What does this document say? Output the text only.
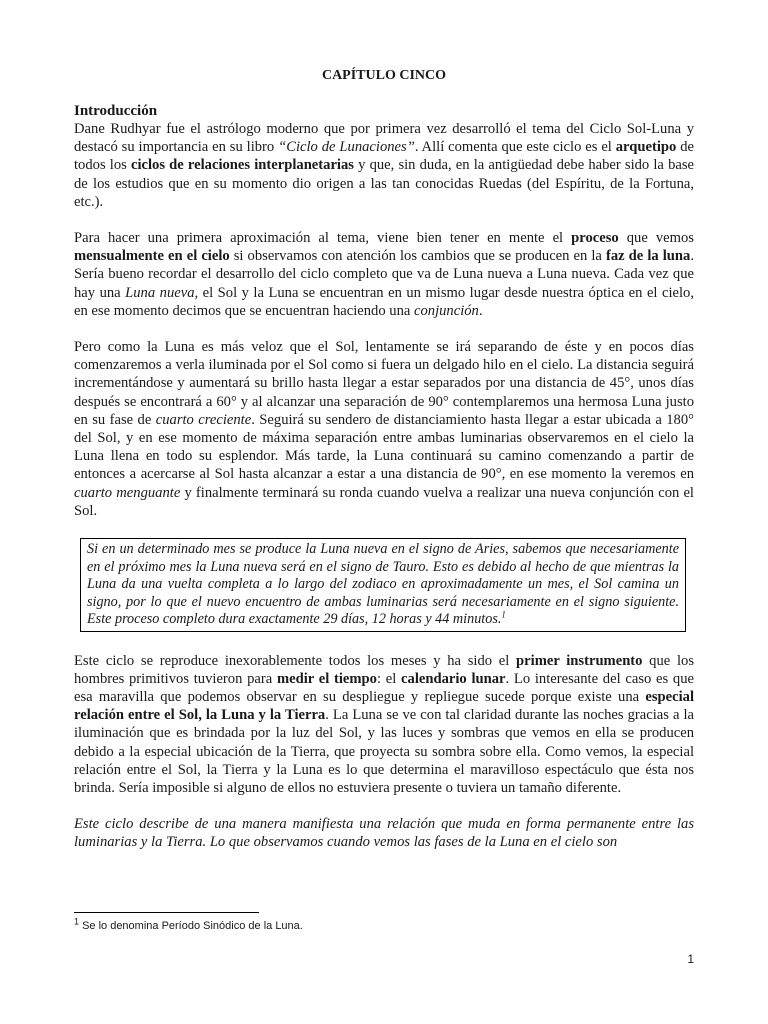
CAPÍTULO CINCO
Introducción

Dane Rudhyar fue el astrólogo moderno que por primera vez desarrolló el tema del Ciclo Sol-Luna y destacó su importancia en su libro “Ciclo de Lunaciones”. Allí comenta que este ciclo es el arquetipo de todos los ciclos de relaciones interplanetarias y que, sin duda, en la antigüedad debe haber sido la base de los estudios que en su momento dio origen a las tan conocidas Ruedas (del Espíritu, de la Fortuna, etc.).

Para hacer una primera aproximación al tema, viene bien tener en mente el proceso que vemos mensualmente en el cielo si observamos con atención los cambios que se producen en la faz de la luna. Sería bueno recordar el desarrollo del ciclo completo que va de Luna nueva a Luna nueva. Cada vez que hay una Luna nueva, el Sol y la Luna se encuentran en un mismo lugar desde nuestra óptica en el cielo, en ese momento decimos que se encuentran haciendo una conjunción.

Pero como la Luna es más veloz que el Sol, lentamente se irá separando de éste y en pocos días comenzaremos a verla iluminada por el Sol como si fuera un delgado hilo en el cielo. La distancia seguirá incrementándose y aumentará su brillo hasta llegar a estar separados por una distancia de 45°, unos días después se encontrará a 60° y al alcanzar una separación de 90° contemplaremos una hermosa Luna justo en su fase de cuarto creciente. Seguirá su sendero de distanciamiento hasta llegar a estar ubicada a 180° del Sol, y en ese momento de máxima separación entre ambas luminarias observaremos en el cielo la Luna llena en todo su esplendor. Más tarde, la Luna continuará su camino comenzando a partir de entonces a acercarse al Sol hasta alcanzar a estar a una distancia de 90°, en ese momento la veremos en cuarto menguante y finalmente terminará su ronda cuando vuelva a realizar una nueva conjunción con el Sol.

Si en un determinado mes se produce la Luna nueva en el signo de Aries, sabemos que necesariamente en el próximo mes la Luna nueva será en el signo de Tauro. Esto es debido al hecho de que mientras la Luna da una vuelta completa a lo largo del zodiaco en aproximadamente un mes, el Sol camina un signo, por lo que el nuevo encuentro de ambas luminarias será necesariamente en el signo siguiente. Este proceso completo dura exactamente 29 días, 12 horas y 44 minutos.$^1$

Este ciclo se reproduce inexorablemente todos los meses y ha sido el primer instrumento que los hombres primitivos tuvieron para medir el tiempo: el calendario lunar. Lo interesante del caso es que esa maravilla que podemos observar en su despliegue y repliegue sucede porque existe una especial relación entre el Sol, la Luna y la Tierra. La Luna se ve con tal claridad durante las noches gracias a la iluminación que es brindada por la luz del Sol, y las luces y sombras que vemos en ella se producen debido a la especial ubicación de la Tierra, que proyecta su sombra sobre ella. Como vemos, la especial relación entre el Sol, la Tierra y la Luna es lo que determina el maravilloso espectáculo que ésta nos brinda. Sería imposible si alguno de ellos no estuviera presente o tuviera un tamaño diferente.

Este ciclo describe de una manera manifiesta una relación que muda en forma permanente entre las luminarias y la Tierra. Lo que observamos cuando vemos las fases de la Luna en el cielo son

$^1$ Se lo denomina Período Sinódico de la Luna.
1
